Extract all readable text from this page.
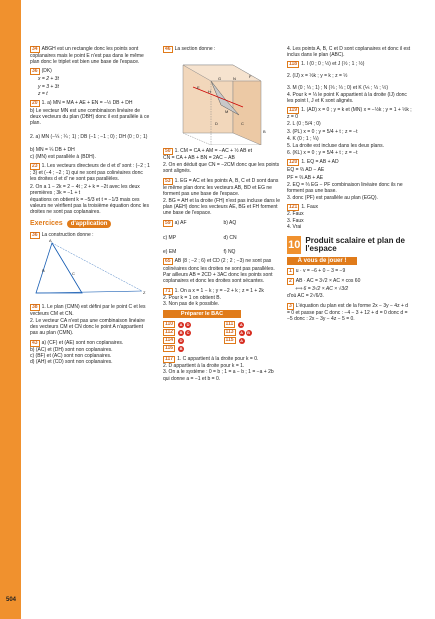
504
34 ABGH est un rectangle donc les points sont coplanaires mais le point E n'est pas dans le même plan donc le triplet est bien une base de l'espace.
36 (DK)
x = 2 + 3t
y = 3 + 3t
z = t
20 1. a) MN = MA + AE + EN = −½ DB + DH
b) Le vecteur MN est une combinaison linéaire de deux vecteurs du plan (DBH) donc il est parallèle à ce plan.
2. a) MN (−¼ ; ¼ ; 1) ; DB (−1 ; −1 ; 0) ; DH (0 ; 0 ; 1)
b) MN = ¼ DB + DH
c) (MN) est parallèle à (BDH).
23 1. Les vecteurs directeurs de d et d' sont : (−2 ; 1 ; 3) et (−4 ; −2 ; 1) qui ne sont pas colinéaires donc les droites d et d' ne sont pas parallèles.
2. On a 1 − 2k = 2 − 4t ; 2 + k = −2t avec les deux premières ; 3k = −1 + t
équations on obtient k = −5/3 et t = −1/3 mais ces valeurs ne vérifient pas la troisième équation donc les droites ne sont pas coplanaires.
Exercices	d'application
36 La construction donne :
A
B
C
Z
38 1. Le plan (CMN) est défini par le point C et les vecteurs CM et CN.
2. Le vecteur CA n'est pas une combinaison linéaire des vecteurs CM et CN donc le point A n'appartient pas au plan (CMN).
43 a) (CF) et (AE) sont non coplanaires.
b) (AC) et (DH) sont non coplanaires.
c) (BF) et (AC) sont non coplanaires.
d) (AH) et (CD) sont non coplanaires.
46 La section donne :
G	N	F
H
E
M
D	C
B
50 1. CM = CA + AM = −AC + ½ AB et
CN = CA + AB + BN = 2AC − AB
2. On en déduit que CN = −2CM donc que les points sont alignés.
53 1. EG = AC et les points A, B, C et D sont dans le même plan donc les vecteurs AB, BD et EG ne forment pas une base de l'espace.
2. BG = AH et la droite (FH) n'est pas incluse dans le plan (AEH) donc les vecteurs AE, BG et FH forment une base de l'espace.
59 a) AF	b) AQ
c) MP	d) CN
e) EM	f) NQ
65 AB (8 ; −2 ; 6) et CD (2 ; 2 ; −3) ne sont pas
colinéaires donc les droites ne sont pas parallèles. Par ailleurs AB = 2CD + 3AC donc les points sont coplanaires et donc les droites sont sécantes.
71 1. On a x = 1 − k ; y = −2 + k ; z = 1 + 2k
2. Pour k = 1 on obtient B.
3. Non pas de k possible.
Préparer le BAC
110	A	D	111	A
112	B	C	113	A	B
114	D	115	A
116	B
117 1. C appartient à la droite pour k = 0.
2. D appartient à la droite pour k = 1.
3. On a le système : 0 = b ; 1 = a − b ; 1 = −a + 2b
qui donne a = −1 et b = 0.
4. Les points A, B, C et D sont coplanaires et donc il est inclus dans le plan (ABC).
118 1. I (0 ; 0 ; ½) et J (½ ; 1 ; ½)
2. (IJ) x = ½k ; y = k ; z = ½
3. M (0 ; ⅓ ; 1) ; N (⅓ ; ⅓ ; 0) et K (⅙ ; ⅓ ; ½)
4. Pour k = ⅓ le point K appartient à la droite (IJ) donc les point I, J et K sont alignés.
119 1. (AD) x = 0 ; y = k et (MN) x = −½k ; y = 1 + ½k ; z = 0
2. L (0 ; 5/4 ; 0)
3. (PL) x = 0 ; y = 5/4 + t ; z = −t
4. K (0 ; 1 ; ¼)
5. La droite est incluse dans les deux plans.
6. (KL) x = 0 ; y = 5/4 + t ; z = −t
120 1. EQ = AB + AD
EQ = ⅔ AD − AE
PF = ⅔ AB + AE
2. EQ = ⅔ EG − PF combinaison linéaire donc ils ne forment pas une base.
3. donc (PF) est parallèle au plan (EGQ).
121 1. Faux
2. Faux
3. Faux
4. Vrai
10 Produit scalaire et plan de l'espace
À vous de jouer !
1 u · v = −6 + 0 − 3 = −9
2 AB · AC = 3√2 × AC × cos 60
⟺ 6 = 3√2 × AC × √3/2
d'où AC = 2√6/3.
3 L'équation du plan est de la forme 2x − 3y − 4z + d = 0 et passe par C donc : −4 − 3 + 12 + d = 0 donc d = −5 donc : 2x − 3y − 4z − 5 = 0.
